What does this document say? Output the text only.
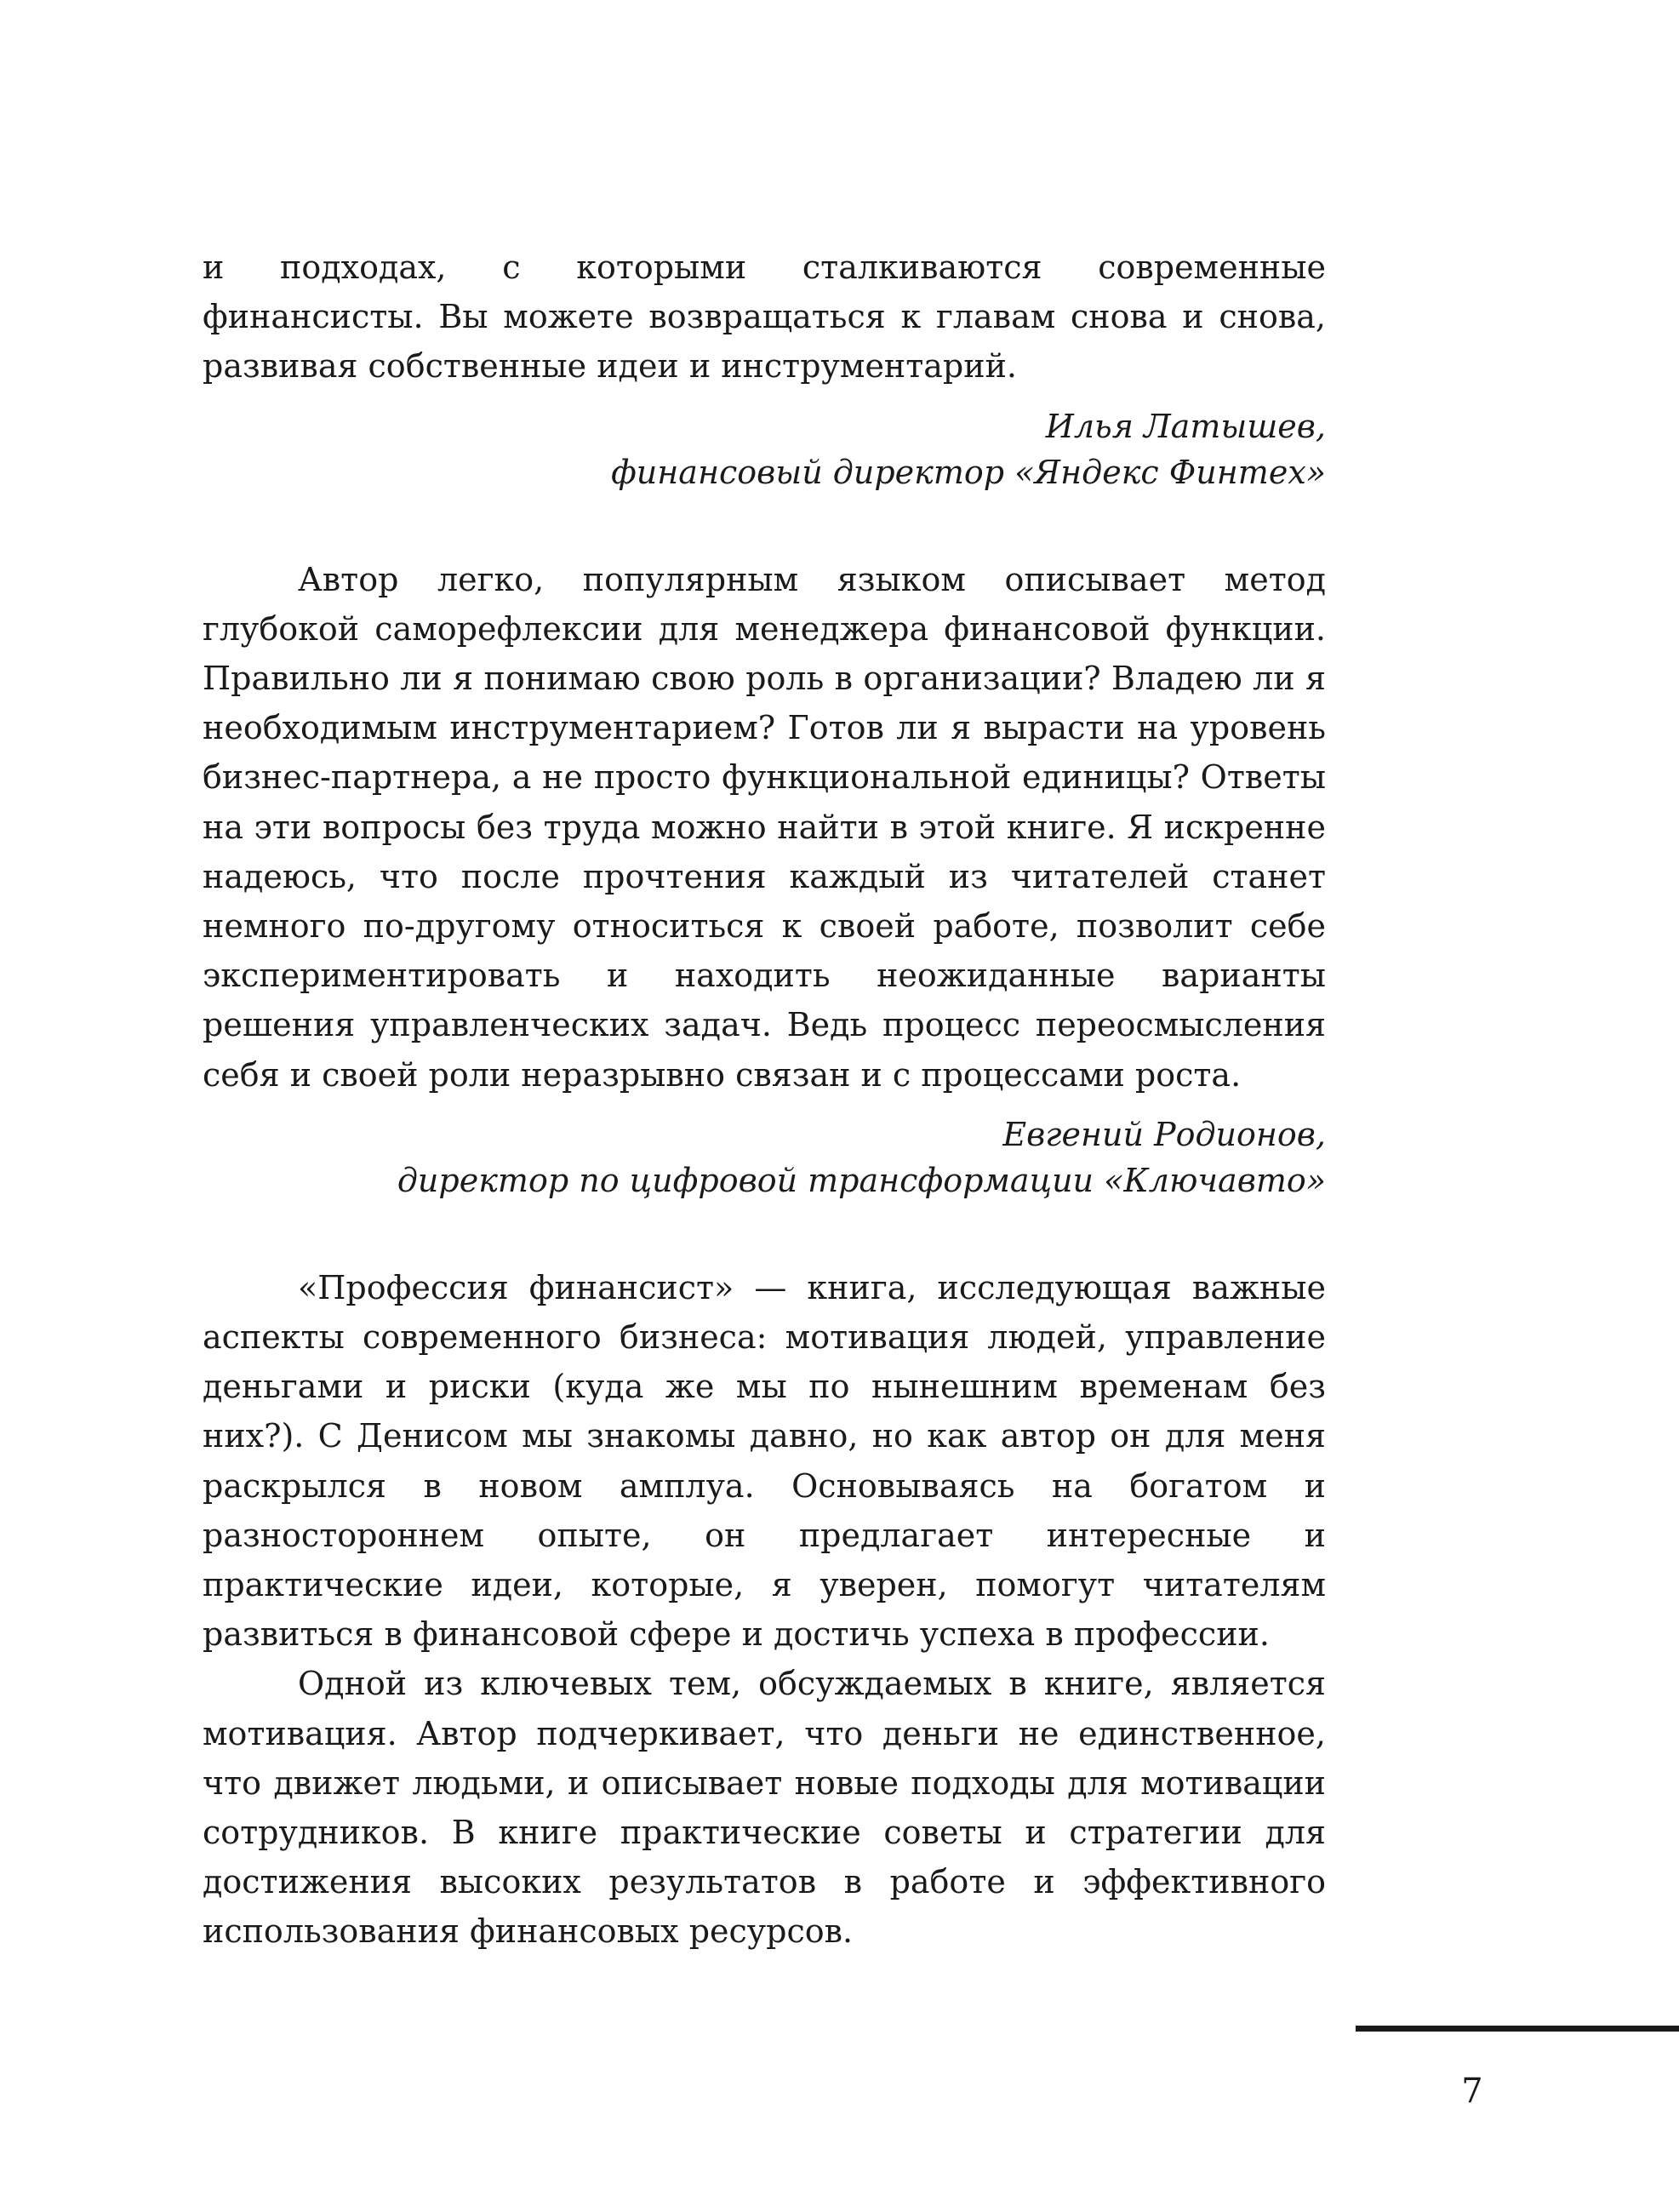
и подходах, с которыми сталкиваются современные финансисты. Вы можете возвращаться к главам снова и снова, развивая собственные идеи и инструментарий.

Илья Латышев,

финансовый директор «Яндекс Финтех»

Автор легко, популярным языком описывает метод глубокой саморефлексии для менеджера финансовой функции. Правильно ли я понимаю свою роль в организации? Владею ли я необходимым инструментарием? Готов ли я вырасти на уровень бизнес-партнера, а не просто функциональной единицы? Ответы на эти вопросы без труда можно найти в этой книге. Я искренне надеюсь, что после прочтения каждый из читателей станет немного по-другому относиться к своей работе, позволит себе экспериментировать и находить неожиданные варианты решения управленческих задач. Ведь процесс переосмысления себя и своей роли неразрывно связан и с процессами роста.

Евгений Родионов,

директор по цифровой трансформации «Ключавто»

«Профессия финансист» — книга, исследующая важные аспекты современного бизнеса: мотивация людей, управление деньгами и риски (куда же мы по нынешним временам без них?). С Денисом мы знакомы давно, но как автор он для меня раскрылся в новом амплуа. Основываясь на богатом и разностороннем опыте, он предлагает интересные и практические идеи, которые, я уверен, помогут читателям развиться в финансовой сфере и достичь успеха в профессии.

Одной из ключевых тем, обсуждаемых в книге, является мотивация. Автор подчеркивает, что деньги не единственное, что движет людьми, и описывает новые подходы для мотивации сотрудников. В книге практические советы и стратегии для достижения высоких результатов в работе и эффективного использования финансовых ресурсов.

7
